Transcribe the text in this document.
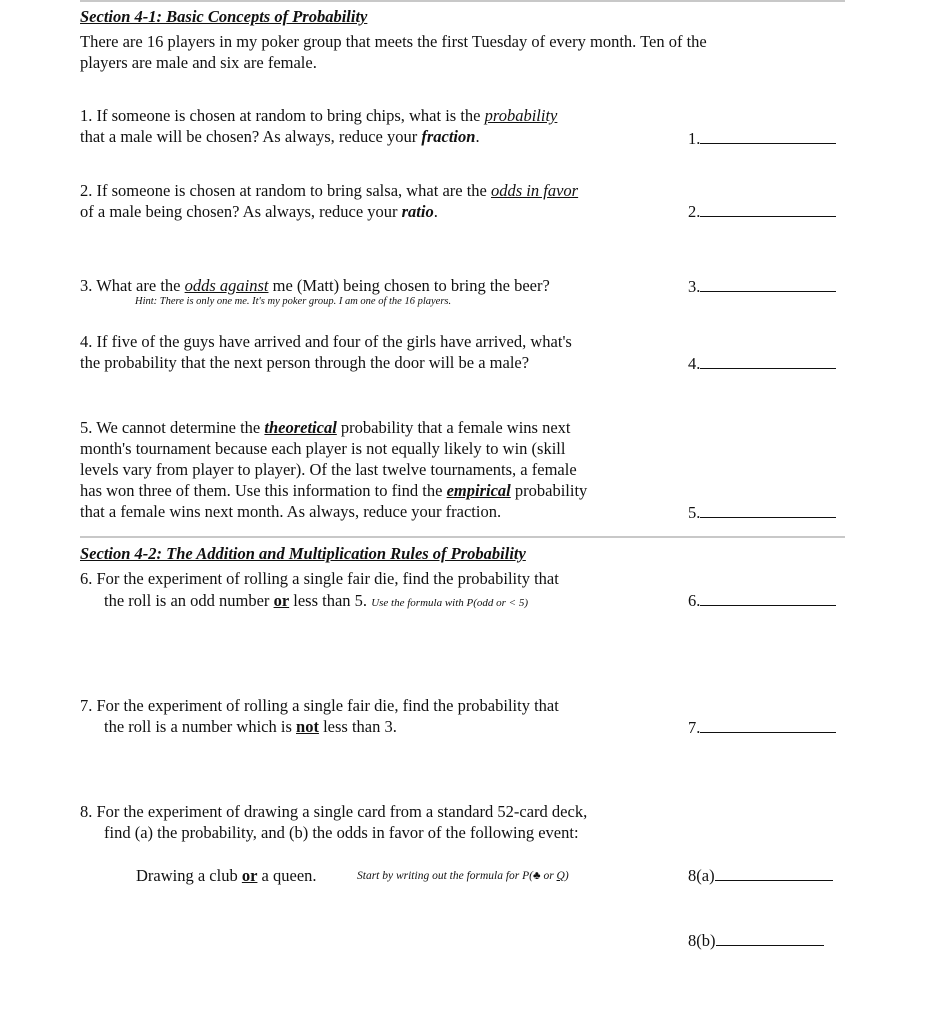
Section 4-1: Basic Concepts of Probability
There are 16 players in my poker group that meets the first Tuesday of every month. Ten of the
players are male and six are female.
1. If someone is chosen at random to bring chips, what is the probability
that a male will be chosen? As always, reduce your fraction.	1.
2. If someone is chosen at random to bring salsa, what are the odds in favor
of a male being chosen? As always, reduce your ratio.	2.
3. What are the odds against me (Matt) being chosen to bring the beer?
Hint: There is only one me. It's my poker group. I am one of the 16 players.
3.
4. If five of the guys have arrived and four of the girls have arrived, what's
the probability that the next person through the door will be a male?	4.
5. We cannot determine the theoretical probability that a female wins next
month's tournament because each player is not equally likely to win (skill
levels vary from player to player). Of the last twelve tournaments, a female
has won three of them. Use this information to find the empirical probability
that a female wins next month. As always, reduce your fraction.	5.
Section 4-2: The Addition and Multiplication Rules of Probability
6. For the experiment of rolling a single fair die, find the probability that
the roll is an odd number or less than 5. Use the formula with P(odd or < 5)	6.
7. For the experiment of rolling a single fair die, find the probability that
the roll is a number which is not less than 3.	7.
8. For the experiment of drawing a single card from a standard 52-card deck,
find (a) the probability, and (b) the odds in favor of the following event:
Drawing a club or a queen.	Start by writing out the formula for P(♣ or Q)	8(a)
8(b)
